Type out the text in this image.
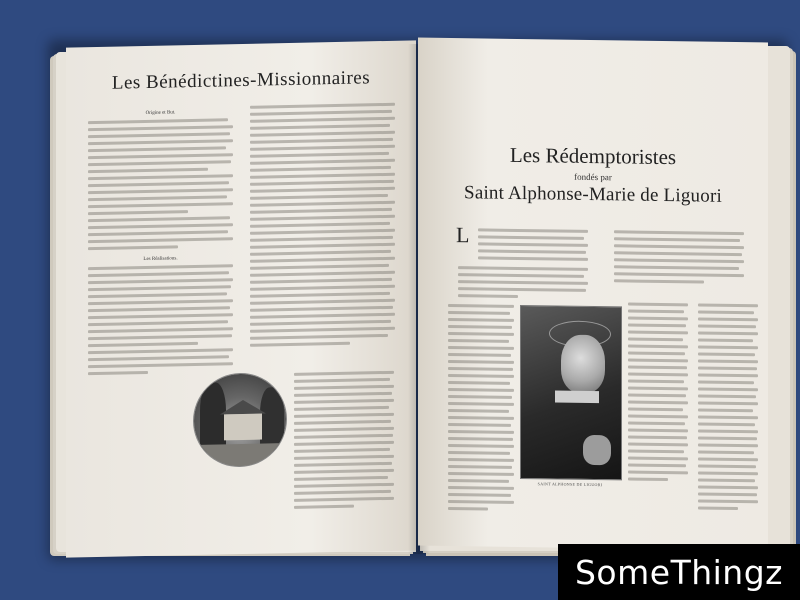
Les Bénédictines-Missionnaires
Origine et But.
Les Réalisations.
Les Rédemptoristes
fondés par
Saint Alphonse-Marie de Liguori
L
SAINT ALPHONSE DE LIGUORI
SomeThingz
